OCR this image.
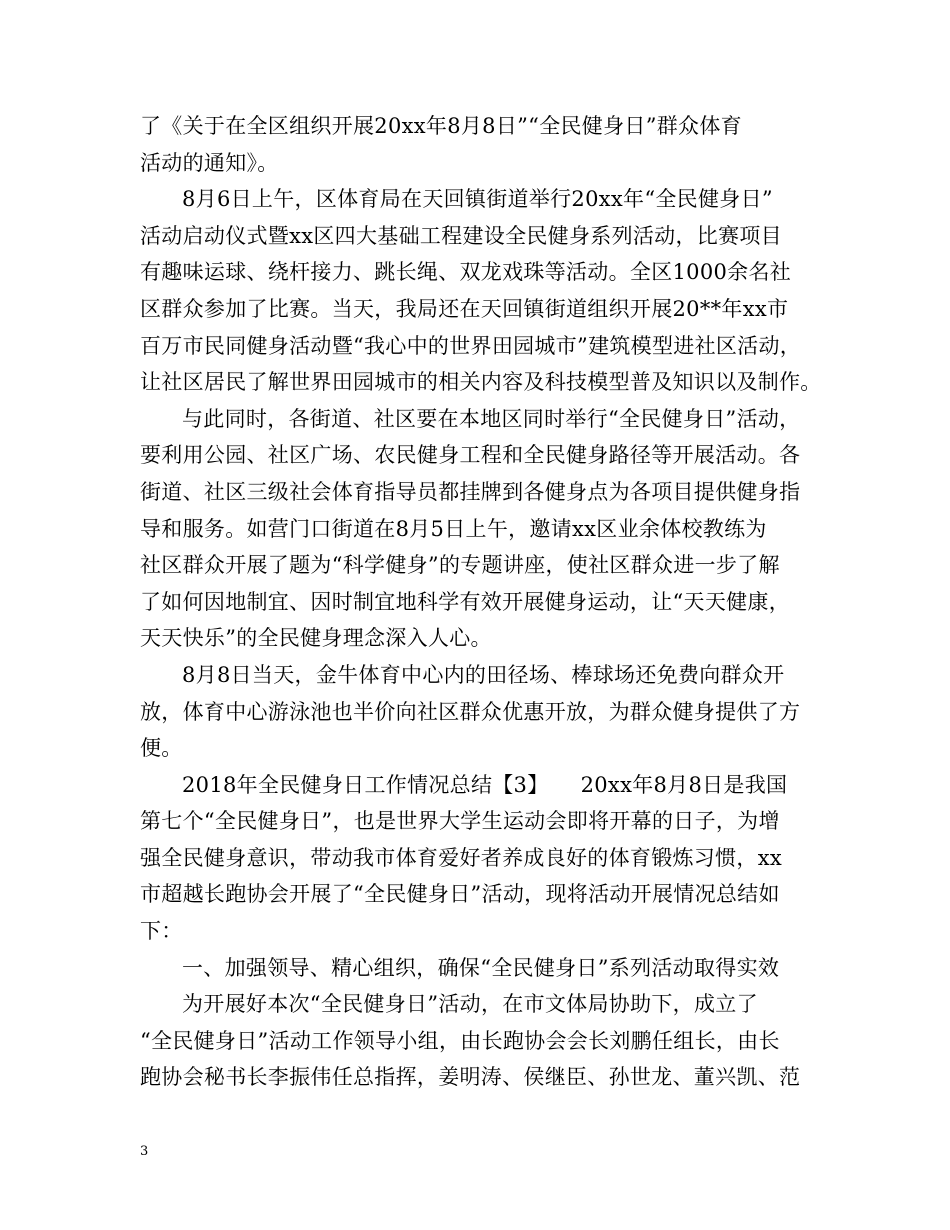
了《关于在全区组织开展20xx年8月8日”“全民健身日”群众体育
活动的通知》。
8月6日上午，区体育局在天回镇街道举行20xx年“全民健身日”
活动启动仪式暨xx区四大基础工程建设全民健身系列活动，比赛项目
有趣味运球、绕杆接力、跳长绳、双龙戏珠等活动。全区1000余名社
区群众参加了比赛。当天，我局还在天回镇街道组织开展20**年xx市
百万市民同健身活动暨“我心中的世界田园城市”建筑模型进社区活动，
让社区居民了解世界田园城市的相关内容及科技模型普及知识以及制作。
与此同时，各街道、社区要在本地区同时举行“全民健身日”活动，
要利用公园、社区广场、农民健身工程和全民健身路径等开展活动。各
街道、社区三级社会体育指导员都挂牌到各健身点为各项目提供健身指
导和服务。如营门口街道在8月5日上午，邀请xx区业余体校教练为
社区群众开展了题为“科学健身”的专题讲座，使社区群众进一步了解
了如何因地制宜、因时制宜地科学有效开展健身运动，让“天天健康，
天天快乐”的全民健身理念深入人心。
8月8日当天，金牛体育中心内的田径场、棒球场还免费向群众开
放，体育中心游泳池也半价向社区群众优惠开放，为群众健身提供了方
便。
2018年全民健身日工作情况总结【3】　　20xx年8月8日是我国
第七个“全民健身日”，也是世界大学生运动会即将开幕的日子，为增
强全民健身意识，带动我市体育爱好者养成良好的体育锻炼习惯，xx
市超越长跑协会开展了“全民健身日”活动，现将活动开展情况总结如
下：
一、加强领导、精心组织，确保“全民健身日”系列活动取得实效
为开展好本次“全民健身日”活动，在市文体局协助下，成立了
“全民健身日”活动工作领导小组，由长跑协会会长刘鹏任组长，由长
跑协会秘书长李振伟任总指挥，姜明涛、侯继臣、孙世龙、董兴凯、范
3
